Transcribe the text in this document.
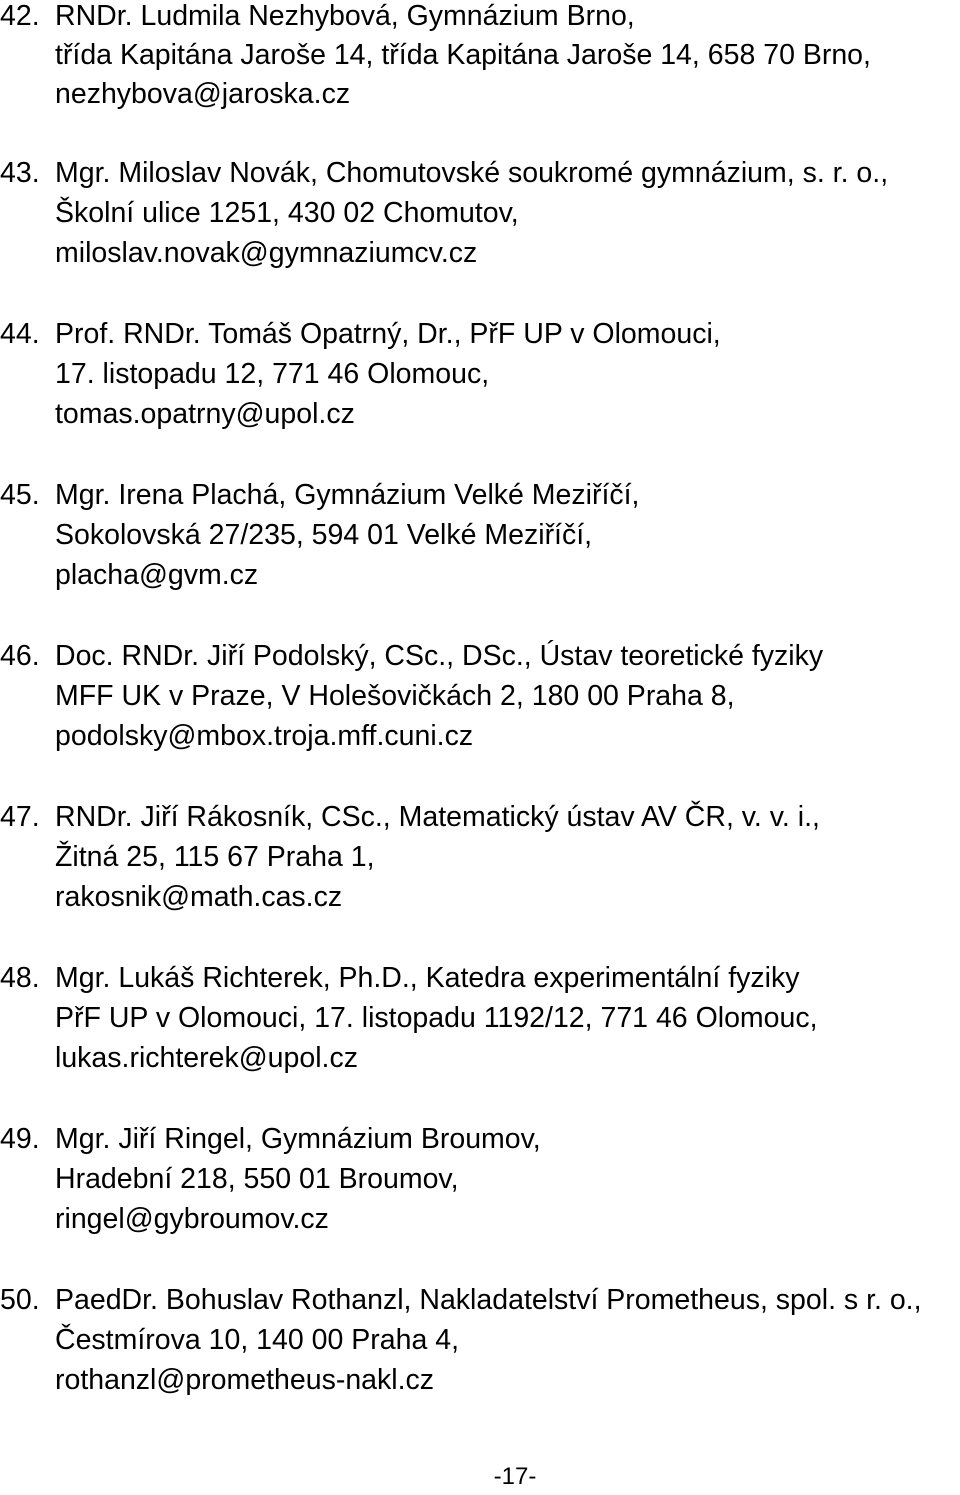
42. RNDr. Ludmila Nezhybová, Gymnázium Brno,
třída Kapitána Jaroše 14, třída Kapitána Jaroše 14, 658 70 Brno,
nezhybova@jaroska.cz
43. Mgr. Miloslav Novák, Chomutovské soukromé gymnázium, s. r. o.,
Školní ulice 1251, 430 02 Chomutov,
miloslav.novak@gymnaziumcv.cz
44. Prof. RNDr. Tomáš Opatrný, Dr., PřF UP v Olomouci,
17. listopadu 12, 771 46 Olomouc,
tomas.opatrny@upol.cz
45. Mgr. Irena Plachá, Gymnázium Velké Meziříčí,
Sokolovská 27/235, 594 01 Velké Meziříčí,
placha@gvm.cz
46. Doc. RNDr. Jiří Podolský, CSc., DSc., Ústav teoretické fyziky
MFF UK v Praze, V Holešovičkách 2, 180 00 Praha 8,
podolsky@mbox.troja.mff.cuni.cz
47. RNDr. Jiří Rákosník, CSc., Matematický ústav AV ČR, v. v. i.,
Žitná 25, 115 67 Praha 1,
rakosnik@math.cas.cz
48. Mgr. Lukáš Richterek, Ph.D., Katedra experimentální fyziky
PřF UP v Olomouci, 17. listopadu 1192/12, 771 46 Olomouc,
lukas.richterek@upol.cz
49. Mgr. Jiří Ringel, Gymnázium Broumov,
Hradební 218, 550 01 Broumov,
ringel@gybroumov.cz
50. PaedDr. Bohuslav Rothanzl, Nakladatelství Prometheus, spol. s r. o.,
Čestmírova 10, 140 00 Praha 4,
rothanzl@prometheus-nakl.cz
-17-
